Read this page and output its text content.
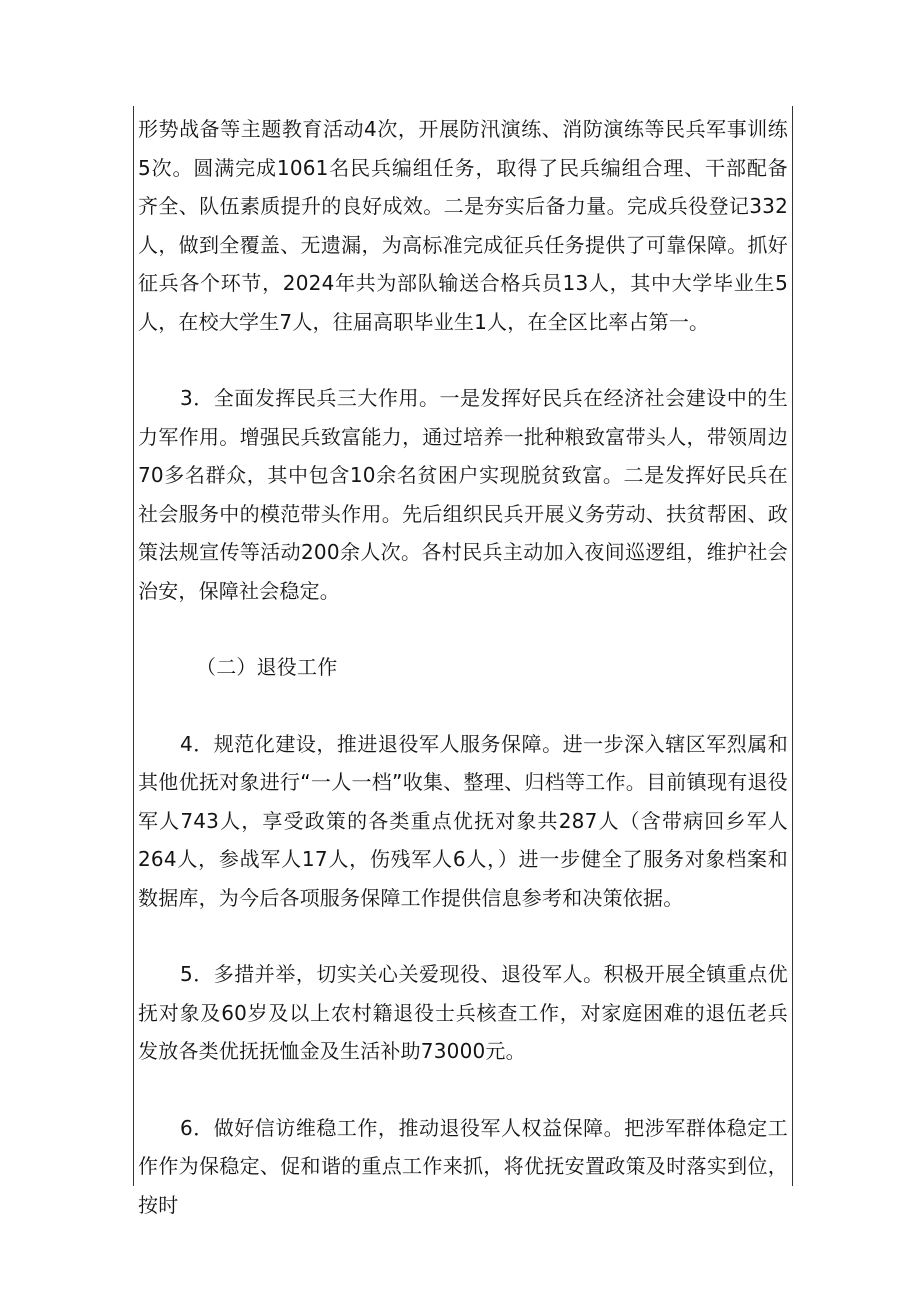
形势战备等主题教育活动4次，开展防汛演练、消防演练等民兵军事训练5次。圆满完成1061名民兵编组任务，取得了民兵编组合理、干部配备齐全、队伍素质提升的良好成效。二是夯实后备力量。完成兵役登记332人，做到全覆盖、无遗漏，为高标准完成征兵任务提供了可靠保障。抓好征兵各个环节，2024年共为部队输送合格兵员13人，其中大学毕业生5人，在校大学生7人，往届高职毕业生1人，在全区比率占第一。

3．全面发挥民兵三大作用。一是发挥好民兵在经济社会建设中的生力军作用。增强民兵致富能力，通过培养一批种粮致富带头人，带领周边70多名群众，其中包含10余名贫困户实现脱贫致富。二是发挥好民兵在社会服务中的模范带头作用。先后组织民兵开展义务劳动、扶贫帮困、政策法规宣传等活动200余人次。各村民兵主动加入夜间巡逻组，维护社会治安，保障社会稳定。

（二）退役工作

4．规范化建设，推进退役军人服务保障。进一步深入辖区军烈属和其他优抚对象进行“一人一档”收集、整理、归档等工作。目前镇现有退役军人743人，享受政策的各类重点优抚对象共287人（含带病回乡军人264人，参战军人17人，伤残军人6人，）进一步健全了服务对象档案和数据库，为今后各项服务保障工作提供信息参考和决策依据。

5．多措并举，切实关心关爱现役、退役军人。积极开展全镇重点优抚对象及60岁及以上农村籍退役士兵核查工作，对家庭困难的退伍老兵发放各类优抚抚恤金及生活补助73000元。

6．做好信访维稳工作，推动退役军人权益保障。把涉军群体稳定工作作为保稳定、促和谐的重点工作来抓，将优抚安置政策及时落实到位，按时
